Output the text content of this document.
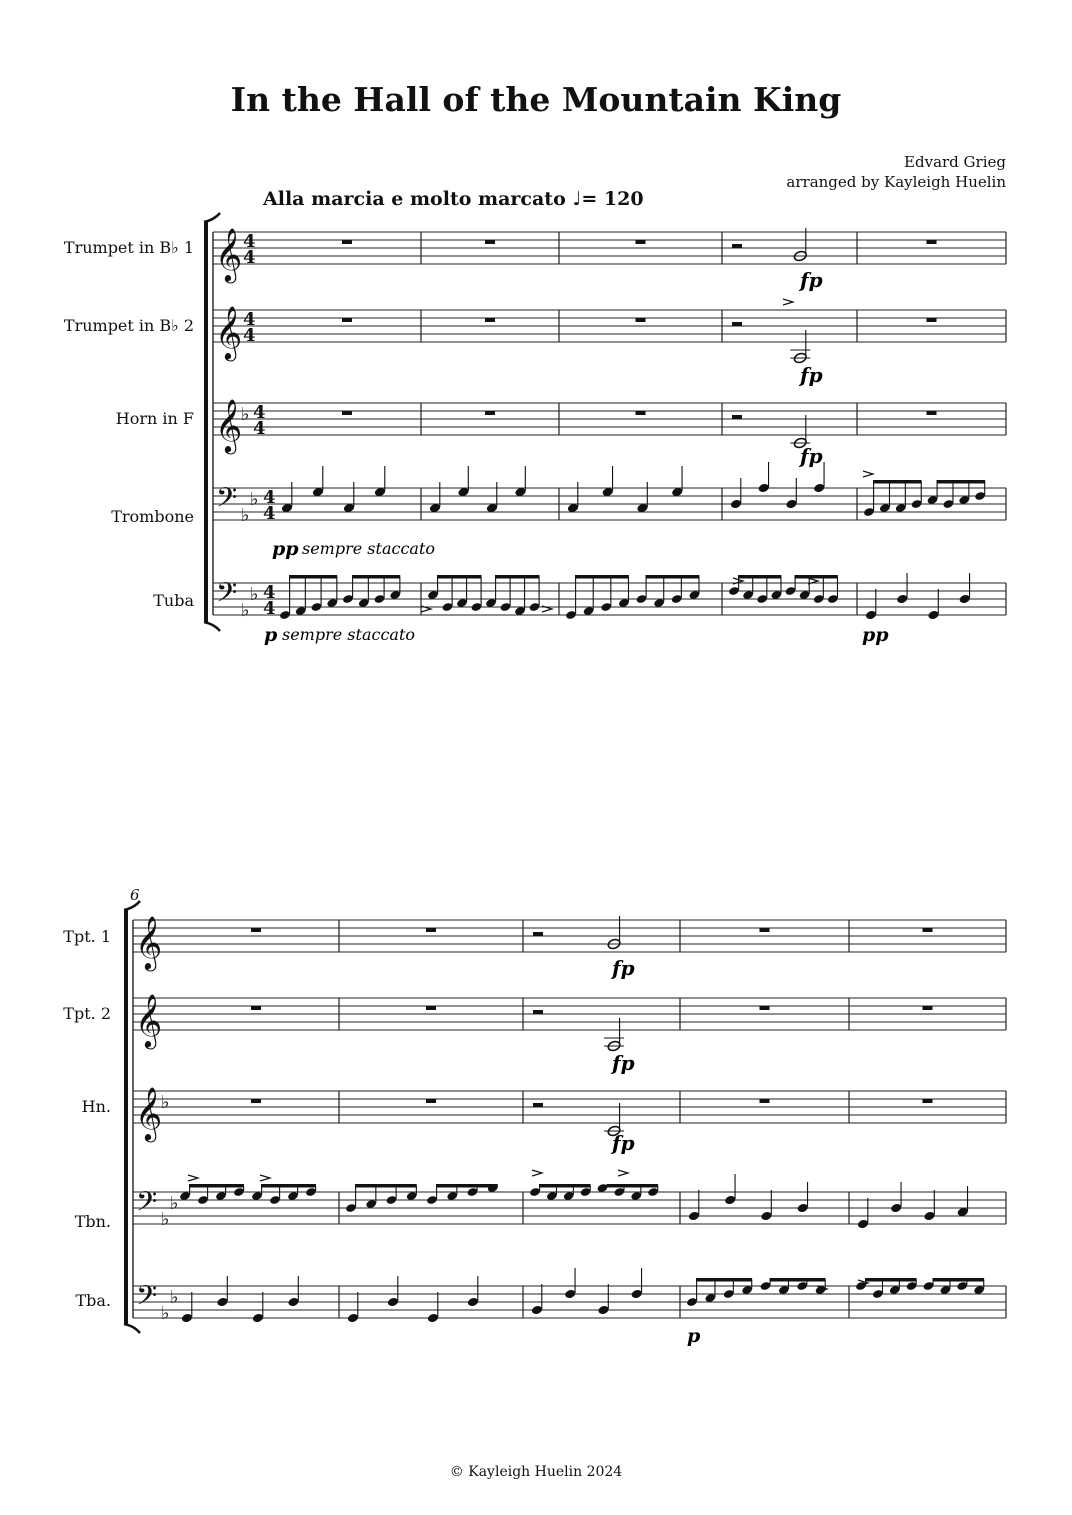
In the Hall of the Mountain King
Edvard Grieg
arranged by Kayleigh Huelin
Alla marcia e molto marcato ♩= 120
Trumpet in B♭ 1
Trumpet in B♭ 2
Horn in F
Trombone
Tuba
6
Tpt. 1
Tpt. 2
Hn.
Tbn.
Tba.
𝄞 4
4
𝄞 4
4
𝄞
♭ 4
4
𝄢 ♭
♭ 4
4
𝄢 ♭
♭ 4
4
𝄞
𝄞
𝄞
♭
𝄢 ♭
♭
𝄢 ♭
♭
fp
fp
fp
pp sempre staccato
p sempre staccato	pp
fp
fp
fp
p
© Kayleigh Huelin 2024
